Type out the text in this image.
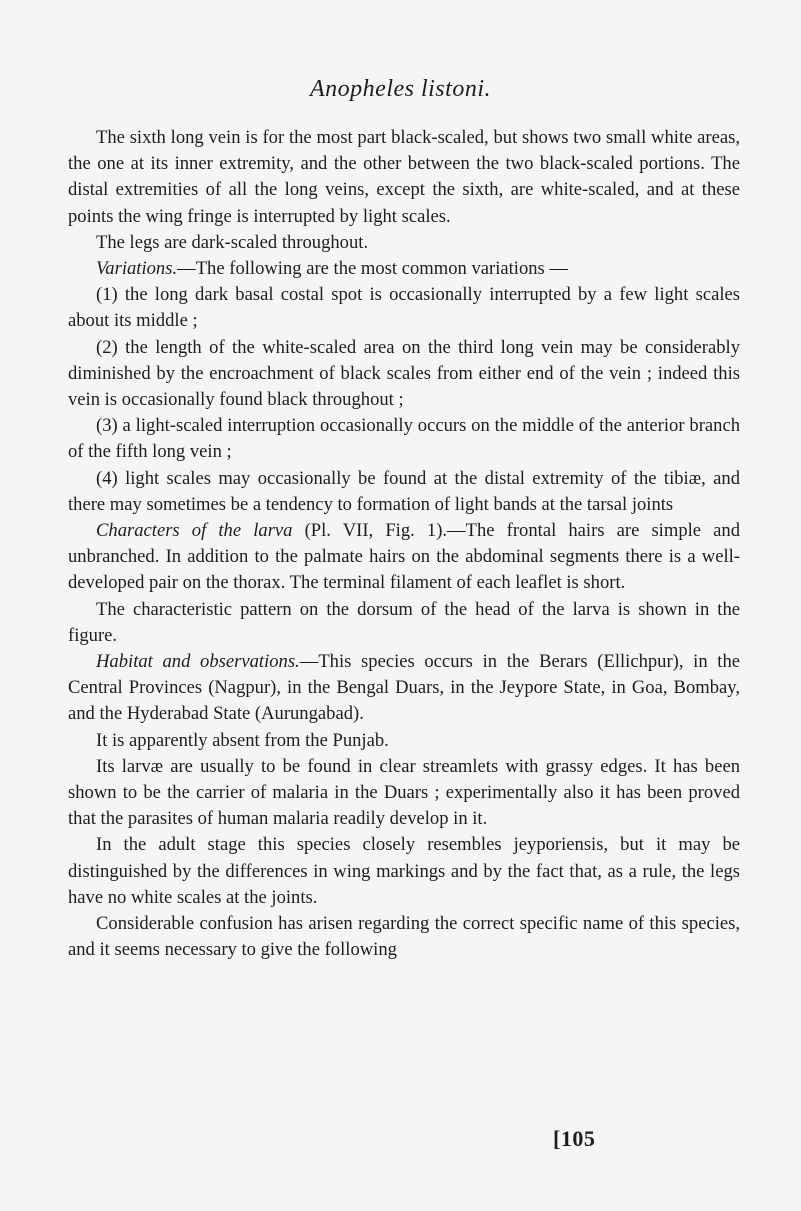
Anopheles listoni.

The sixth long vein is for the most part black-scaled, but shows two small white areas, the one at its inner extremity, and the other between the two black-scaled portions. The distal extremities of all the long veins, except the sixth, are white-scaled, and at these points the wing fringe is interrupted by light scales.

The legs are dark-scaled throughout.

Variations.—The following are the most common variations —

(1) the long dark basal costal spot is occasionally interrupted by a few light scales about its middle ;

(2) the length of the white-scaled area on the third long vein may be considerably diminished by the encroachment of black scales from either end of the vein ; indeed this vein is occasionally found black throughout ;

(3) a light-scaled interruption occasionally occurs on the middle of the anterior branch of the fifth long vein ;

(4) light scales may occasionally be found at the distal extremity of the tibiæ, and there may sometimes be a tendency to formation of light bands at the tarsal joints

Characters of the larva (Pl. VII, Fig. 1).—The frontal hairs are simple and unbranched. In addition to the palmate hairs on the abdominal segments there is a well-developed pair on the thorax. The terminal filament of each leaflet is short.

The characteristic pattern on the dorsum of the head of the larva is shown in the figure.

Habitat and observations.—This species occurs in the Berars (Ellichpur), in the Central Provinces (Nagpur), in the Bengal Duars, in the Jeypore State, in Goa, Bombay, and the Hyderabad State (Aurungabad).

It is apparently absent from the Punjab.

Its larvæ are usually to be found in clear streamlets with grassy edges. It has been shown to be the carrier of malaria in the Duars ; experimentally also it has been proved that the parasites of human malaria readily develop in it.

In the adult stage this species closely resembles jeyporiensis, but it may be distinguished by the differences in wing markings and by the fact that, as a rule, the legs have no white scales at the joints.

Considerable confusion has arisen regarding the correct specific name of this species, and it seems necessary to give the following

[105
